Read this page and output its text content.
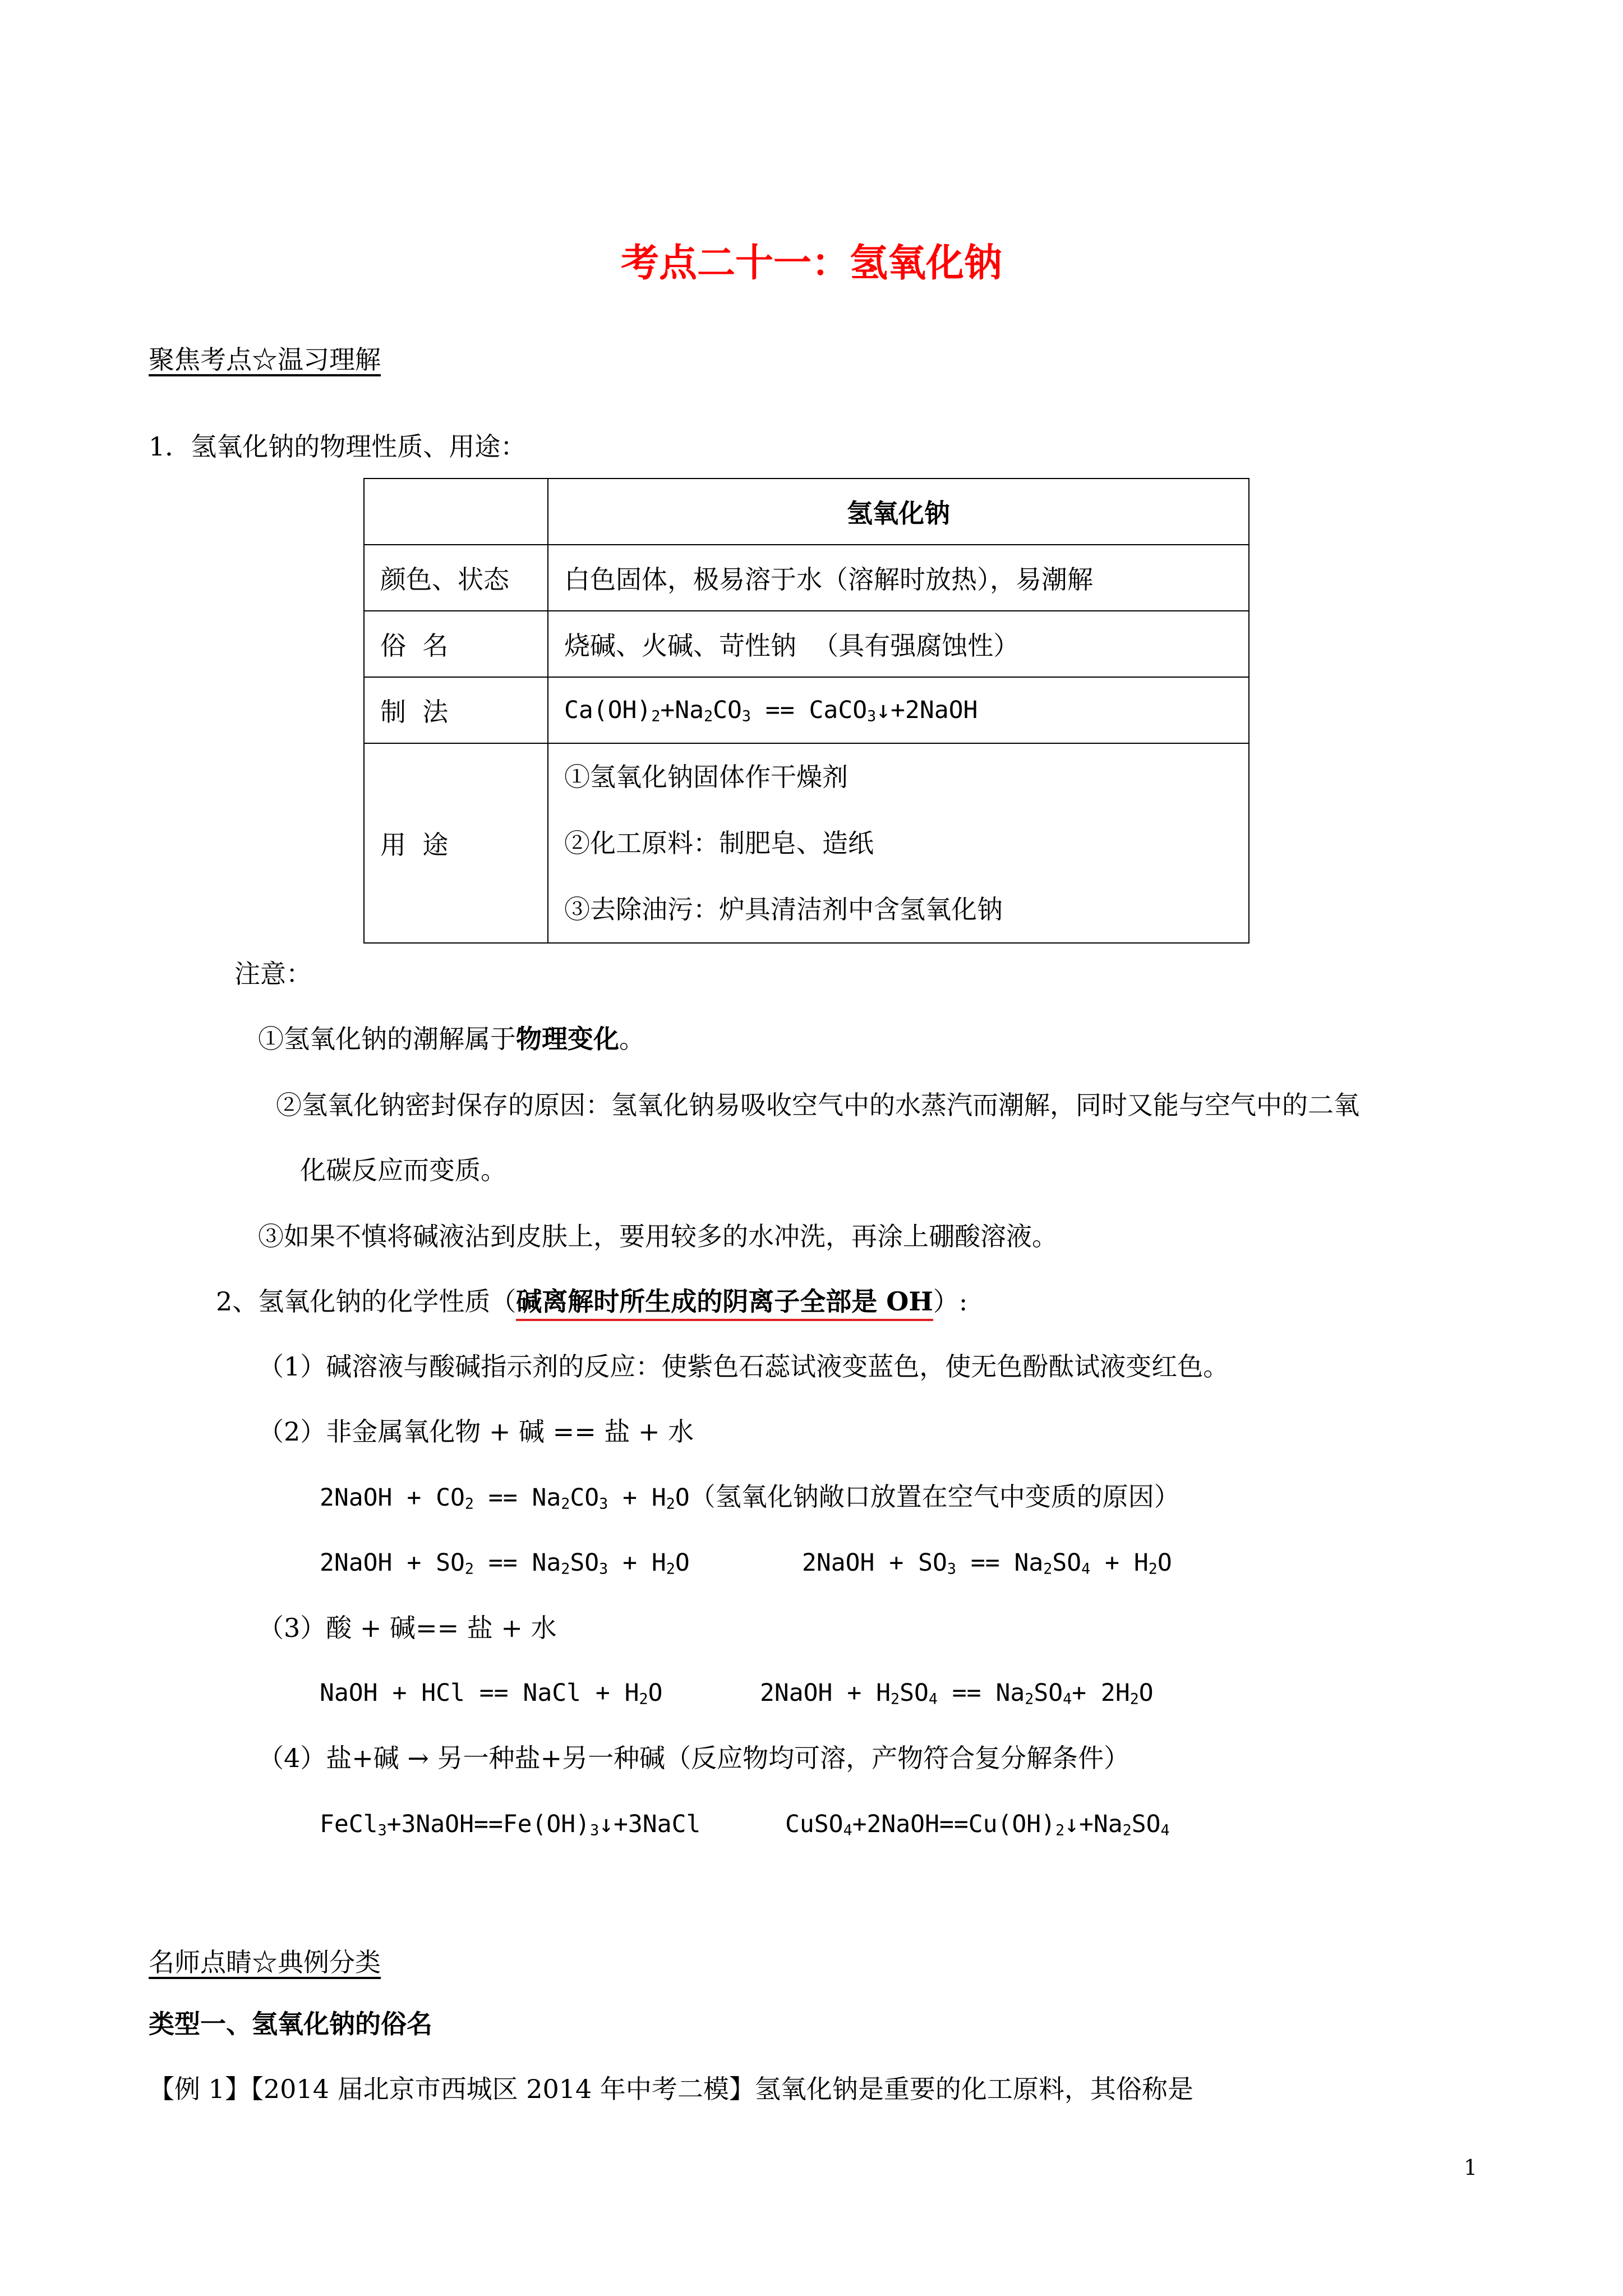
考点二十一：氢氧化钠
聚焦考点☆温习理解
1．氢氧化钠的物理性质、用途：
	氢氧化钠
颜色、状态	白色固体，极易溶于水（溶解时放热），易潮解
俗  名	烧碱、火碱、苛性钠  （具有强腐蚀性）
制  法	$Ca(OH)_2+Na_2CO_3$ == CaCO$_3$↓+2NaOH
用  途	①氢氧化钠固体作干燥剂
②化工原料：制肥皂、造纸
③去除油污：炉具清洁剂中含氢氧化钠
注意：
①氢氧化钠的潮解属于物理变化。
②氢氧化钠密封保存的原因：氢氧化钠易吸收空气中的水蒸汽而潮解，同时又能与空气中的二氧
化碳反应而变质。
③如果不慎将碱液沾到皮肤上，要用较多的水冲洗，再涂上硼酸溶液。
2、氢氧化钠的化学性质（碱离解时所生成的阴离子全部是 OH）:
（1）碱溶液与酸碱指示剂的反应：使紫色石蕊试液变蓝色，使无色酚酞试液变红色。
（2）非金属氧化物 + 碱 == 盐 + 水
2NaOH + $CO_2 == Na_2CO_3 + H_2O$（氢氧化钠敞口放置在空气中变质的原因）
2NaOH + $SO_2 == Na_2SO_3 + H_2O$	2NaOH + $SO_3 == Na_2SO_4 + H_2O$
（3）酸 + 碱== 盐 + 水
NaOH + HCl == NaCl + $H_2O$	2NaOH + $H_2SO_4 == Na_2SO_4+ 2H_2O$
（4）盐+碱 → 另一种盐+另一种碱（反应物均可溶，产物符合复分解条件）
$FeCl_3+3NaOH==Fe(OH)_3↓+3NaCl$	$CuSO_4+2NaOH==Cu(OH)_2↓+Na_2SO_4$
名师点睛☆典例分类
类型一、氢氧化钠的俗名
【例 1】【2014 届北京市西城区 2014 年中考二模】氢氧化钠是重要的化工原料，其俗称是
1
